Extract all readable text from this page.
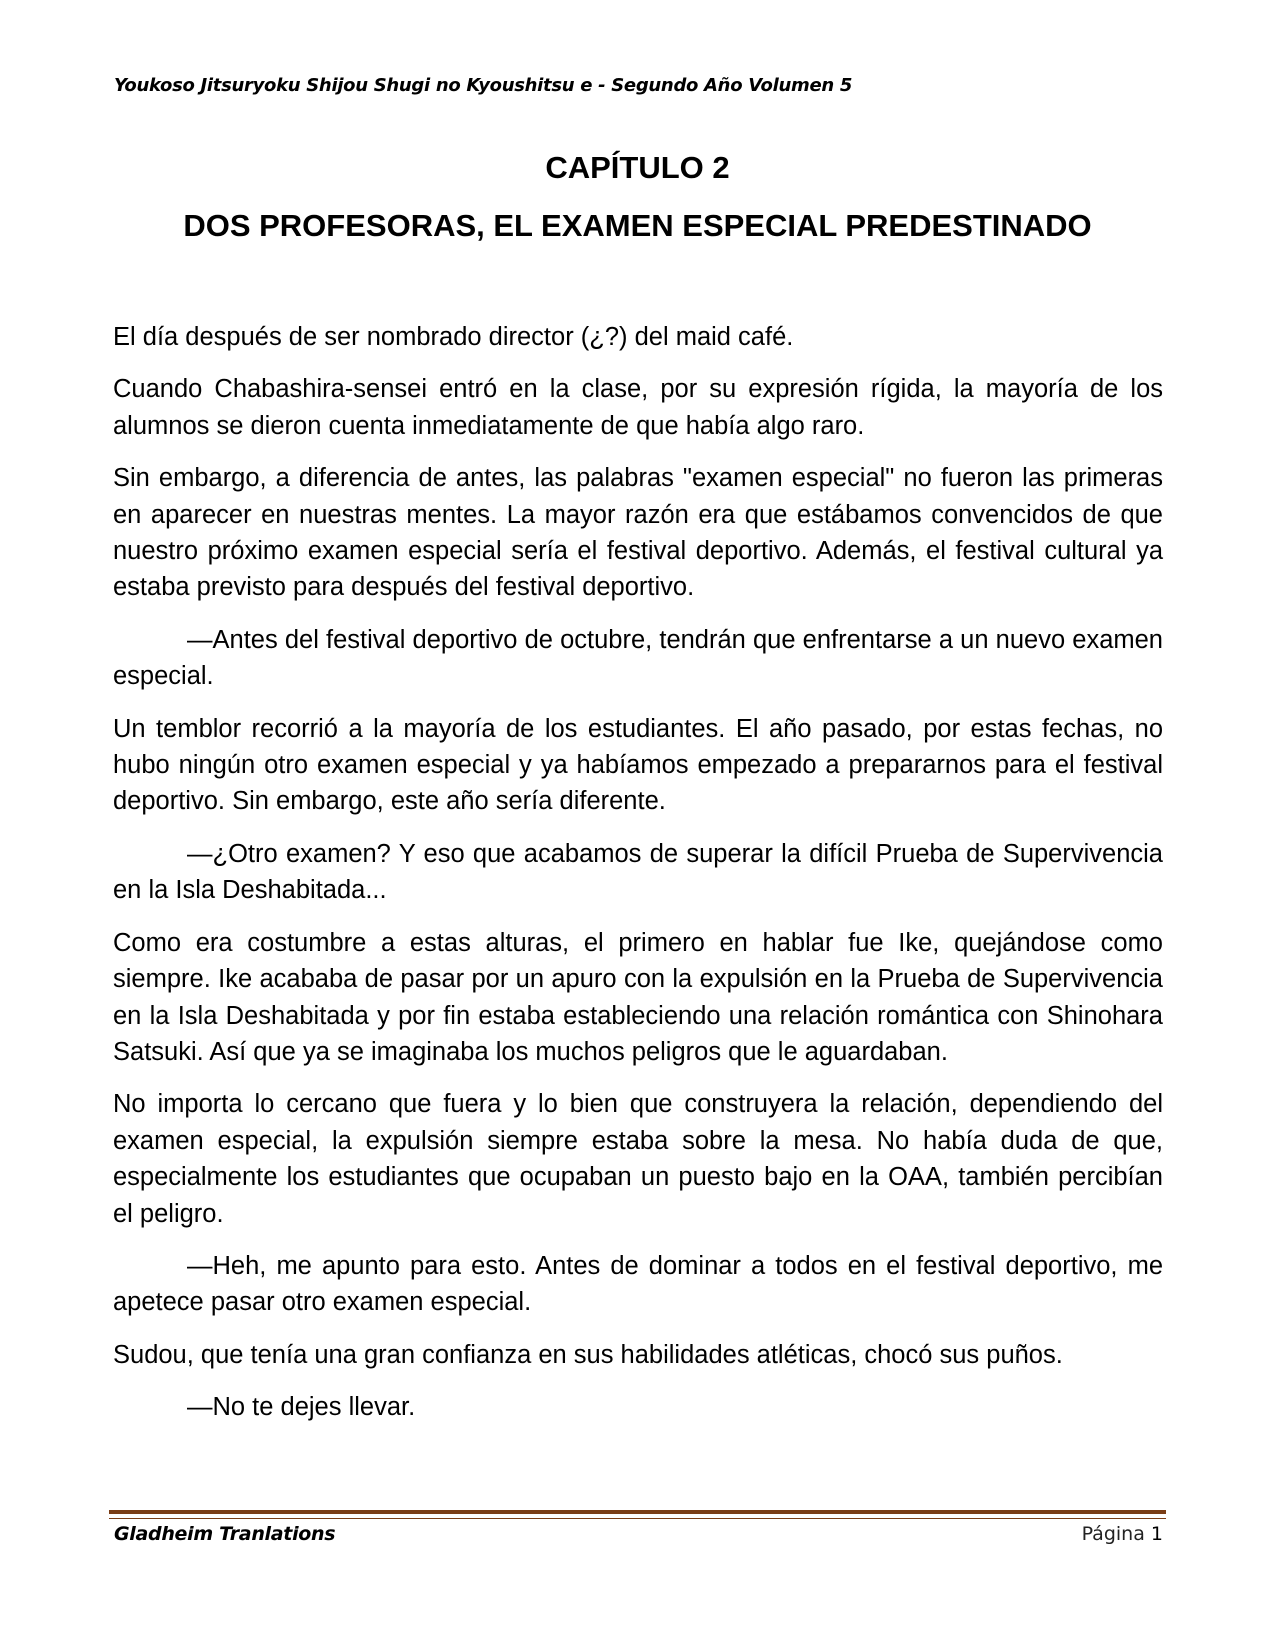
Youkoso Jitsuryoku Shijou Shugi no Kyoushitsu e - Segundo Año Volumen 5
CAPÍTULO 2
DOS PROFESORAS, EL EXAMEN ESPECIAL PREDESTINADO

El día después de ser nombrado director (¿?) del maid café.

Cuando Chabashira-sensei entró en la clase, por su expresión rígida, la mayoría de los alumnos se dieron cuenta inmediatamente de que había algo raro.

Sin embargo, a diferencia de antes, las palabras "examen especial" no fueron las primeras en aparecer en nuestras mentes. La mayor razón era que estábamos convencidos de que nuestro próximo examen especial sería el festival deportivo. Además, el festival cultural ya estaba previsto para después del festival deportivo.

—Antes del festival deportivo de octubre, tendrán que enfrentarse a un nuevo examen especial.

Un temblor recorrió a la mayoría de los estudiantes. El año pasado, por estas fechas, no hubo ningún otro examen especial y ya habíamos empezado a prepararnos para el festival deportivo. Sin embargo, este año sería diferente.

—¿Otro examen? Y eso que acabamos de superar la difícil Prueba de Supervivencia en la Isla Deshabitada...

Como era costumbre a estas alturas, el primero en hablar fue Ike, quejándose como siempre. Ike acababa de pasar por un apuro con la expulsión en la Prueba de Supervivencia en la Isla Deshabitada y por fin estaba estableciendo una relación romántica con Shinohara Satsuki. Así que ya se imaginaba los muchos peligros que le aguardaban.

No importa lo cercano que fuera y lo bien que construyera la relación, dependiendo del examen especial, la expulsión siempre estaba sobre la mesa. No había duda de que, especialmente los estudiantes que ocupaban un puesto bajo en la OAA, también percibían el peligro.

—Heh, me apunto para esto. Antes de dominar a todos en el festival deportivo, me apetece pasar otro examen especial.

Sudou, que tenía una gran confianza en sus habilidades atléticas, chocó sus puños.

—No te dejes llevar.

Gladheim Tranlations	Página 1
